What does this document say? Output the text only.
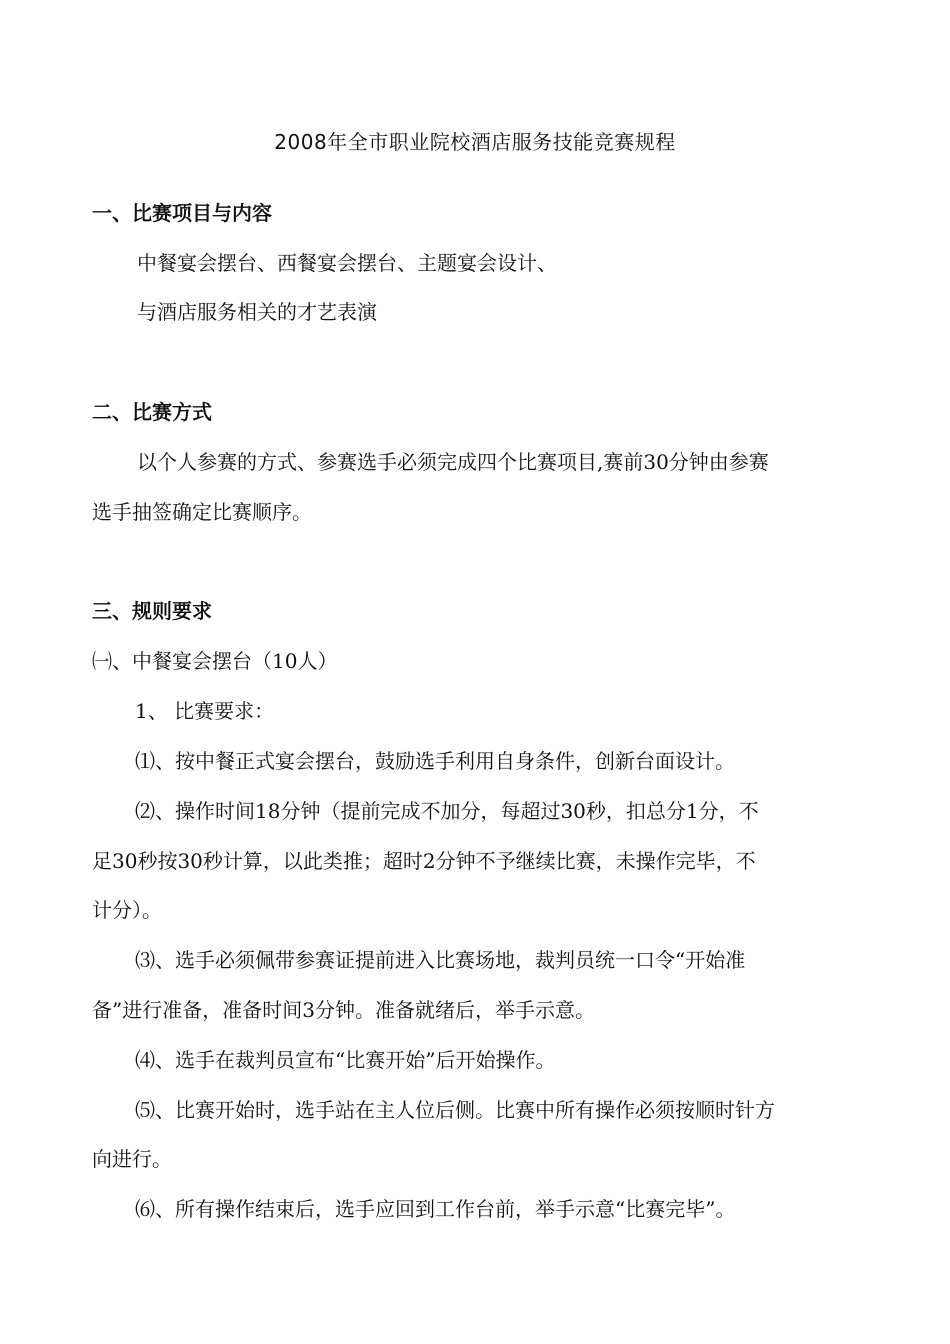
2008年全市职业院校酒店服务技能竞赛规程
一、比赛项目与内容
中餐宴会摆台、西餐宴会摆台、主题宴会设计、
与酒店服务相关的才艺表演
二、比赛方式
以个人参赛的方式、参赛选手必须完成四个比赛项目,赛前30分钟由参赛
选手抽签确定比赛顺序。
三、规则要求
㈠、中餐宴会摆台（10人）
1、 比赛要求：
⑴、按中餐正式宴会摆台，鼓励选手利用自身条件，创新台面设计。
⑵、操作时间18分钟（提前完成不加分，每超过30秒，扣总分1分，不
足30秒按30秒计算，以此类推；超时2分钟不予继续比赛，未操作完毕，不
计分）。
⑶、选手必须佩带参赛证提前进入比赛场地，裁判员统一口令“开始准
备”进行准备，准备时间3分钟。准备就绪后，举手示意。
⑷、选手在裁判员宣布“比赛开始”后开始操作。
⑸、比赛开始时，选手站在主人位后侧。比赛中所有操作必须按顺时针方
向进行。
⑹、所有操作结束后，选手应回到工作台前，举手示意“比赛完毕”。
